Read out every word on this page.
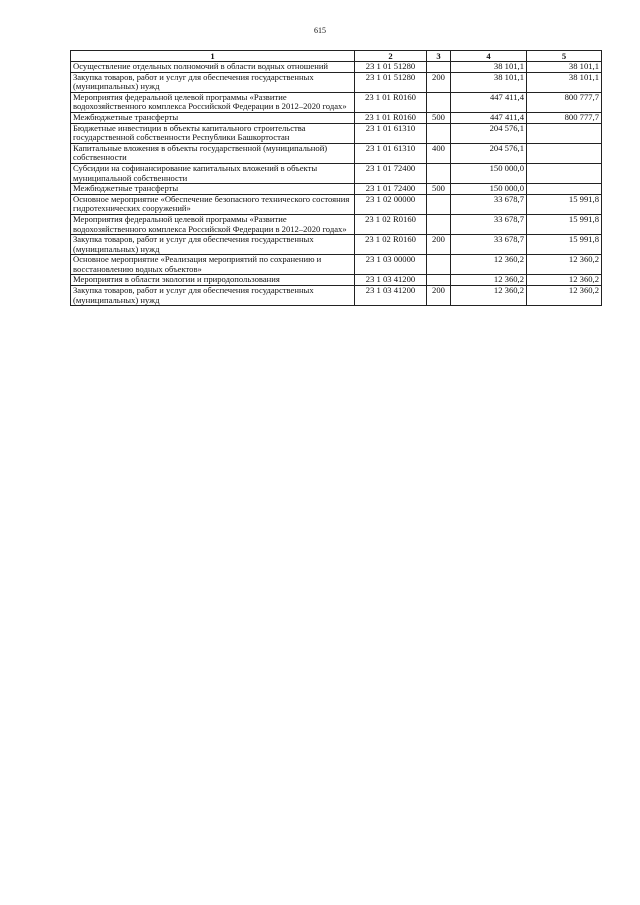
615
1	2	3	4	5
Осуществление отдельных полномочий в области водных отношений	23 1 01 51280		38 101,1	38 101,1
Закупка товаров, работ и услуг для обеспечения государственных (муниципальных) нужд	23 1 01 51280	200	38 101,1	38 101,1
Мероприятия федеральной целевой программы «Развитие водохозяйственного комплекса Российской Федерации в 2012–2020 годах»	23 1 01 R0160		447 411,4	800 777,7
Межбюджетные трансферты	23 1 01 R0160	500	447 411,4	800 777,7
Бюджетные инвестиции в объекты капитального строительства государственной собственности Республики Башкортостан	23 1 01 61310		204 576,1	
Капитальные вложения в объекты государственной (муниципальной) собственности	23 1 01 61310	400	204 576,1	
Субсидии на софинансирование капитальных вложений в объекты муниципальной собственности	23 1 01 72400		150 000,0	
Межбюджетные трансферты	23 1 01 72400	500	150 000,0	
Основное мероприятие «Обеспечение безопасного технического состояния гидротехнических сооружений»	23 1 02 00000		33 678,7	15 991,8
Мероприятия федеральной целевой программы «Развитие водохозяйственного комплекса Российской Федерации в 2012–2020 годах»	23 1 02 R0160		33 678,7	15 991,8
Закупка товаров, работ и услуг для обеспечения государственных (муниципальных) нужд	23 1 02 R0160	200	33 678,7	15 991,8
Основное мероприятие «Реализация мероприятий по сохранению и восстановлению водных объектов»	23 1 03 00000		12 360,2	12 360,2
Мероприятия в области экологии и природопользования	23 1 03 41200		12 360,2	12 360,2
Закупка товаров, работ и услуг для обеспечения государственных (муниципальных) нужд	23 1 03 41200	200	12 360,2	12 360,2
